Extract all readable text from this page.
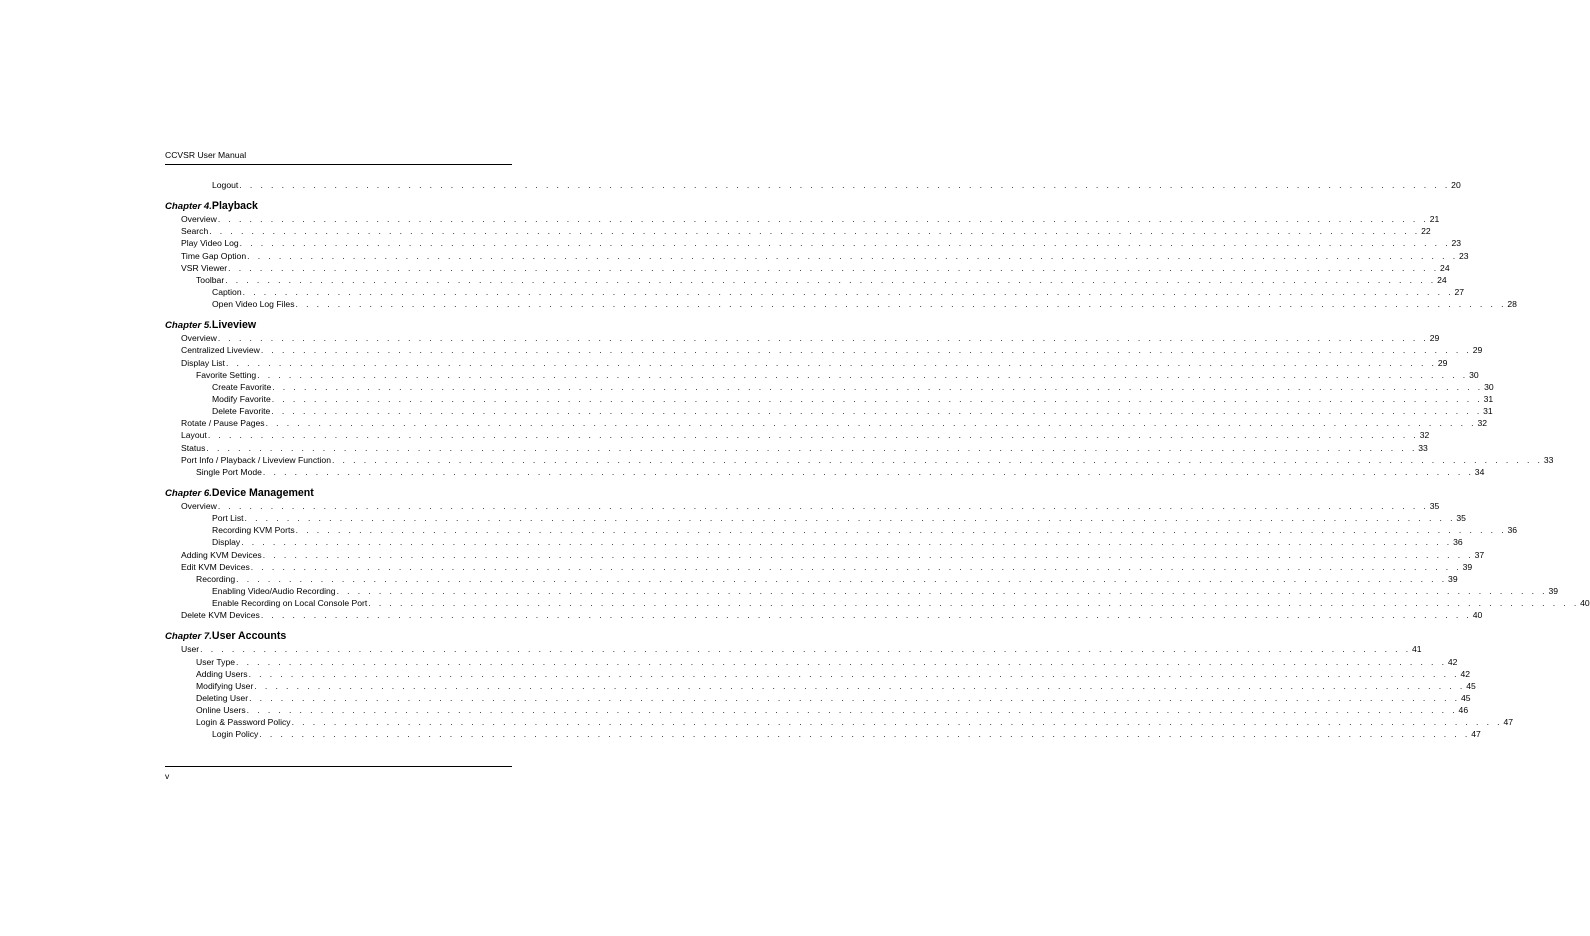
CCVSR User Manual
Logout . . . . . . . . . . . . . . . . . . . . . . . . . . . . . . . . . . . . . . . . . . . . . . . . . . . . . . . . . . . . . . . . . . . . . . . . . . . . . . . . . . . . . . . . . . . . . . . . . . . . . . . . . . . . . . . . . . . 20
Chapter 4. Playback
Overview . . . . . . . . . . . . . . . . . . . . . . . . . . . . . . . . . . . . . . . . . . . . . . . . . . . . . . . . . . . . . . . . . . . . . . . . . . . . . . . . . . . . . . . . . . . . . . . . . . . . . . . . . . . . . . . . . . . 21
Search . . . . . . . . . . . . . . . . . . . . . . . . . . . . . . . . . . . . . . . . . . . . . . . . . . . . . . . . . . . . . . . . . . . . . . . . . . . . . . . . . . . . . . . . . . . . . . . . . . . . . . . . . . . . . . . . . . . 22
Play Video Log . . . . . . . . . . . . . . . . . . . . . . . . . . . . . . . . . . . . . . . . . . . . . . . . . . . . . . . . . . . . . . . . . . . . . . . . . . . . . . . . . . . . . . . . . . . . . . . . . . . . . . . . . . . . . . . . . . . 23
Time Gap Option . . . . . . . . . . . . . . . . . . . . . . . . . . . . . . . . . . . . . . . . . . . . . . . . . . . . . . . . . . . . . . . . . . . . . . . . . . . . . . . . . . . . . . . . . . . . . . . . . . . . . . . . . . . . . . . . . . . 23
VSR Viewer . . . . . . . . . . . . . . . . . . . . . . . . . . . . . . . . . . . . . . . . . . . . . . . . . . . . . . . . . . . . . . . . . . . . . . . . . . . . . . . . . . . . . . . . . . . . . . . . . . . . . . . . . . . . . . . . . . . 24
Toolbar . . . . . . . . . . . . . . . . . . . . . . . . . . . . . . . . . . . . . . . . . . . . . . . . . . . . . . . . . . . . . . . . . . . . . . . . . . . . . . . . . . . . . . . . . . . . . . . . . . . . . . . . . . . . . . . . . . . 24
Caption . . . . . . . . . . . . . . . . . . . . . . . . . . . . . . . . . . . . . . . . . . . . . . . . . . . . . . . . . . . . . . . . . . . . . . . . . . . . . . . . . . . . . . . . . . . . . . . . . . . . . . . . . . . . . . . . . . . 27
Open Video Log Files . . . . . . . . . . . . . . . . . . . . . . . . . . . . . . . . . . . . . . . . . . . . . . . . . . . . . . . . . . . . . . . . . . . . . . . . . . . . . . . . . . . . . . . . . . . . . . . . . . . . . . . . . . . . . . . . . . . 28
Chapter 5. Liveview
Overview . . . . . . . . . . . . . . . . . . . . . . . . . . . . . . . . . . . . . . . . . . . . . . . . . . . . . . . . . . . . . . . . . . . . . . . . . . . . . . . . . . . . . . . . . . . . . . . . . . . . . . . . . . . . . . . . . . . 29
Centralized Liveview . . . . . . . . . . . . . . . . . . . . . . . . . . . . . . . . . . . . . . . . . . . . . . . . . . . . . . . . . . . . . . . . . . . . . . . . . . . . . . . . . . . . . . . . . . . . . . . . . . . . . . . . . . . . . . . . . . . 29
Display List . . . . . . . . . . . . . . . . . . . . . . . . . . . . . . . . . . . . . . . . . . . . . . . . . . . . . . . . . . . . . . . . . . . . . . . . . . . . . . . . . . . . . . . . . . . . . . . . . . . . . . . . . . . . . . . . . . . 29
Favorite Setting . . . . . . . . . . . . . . . . . . . . . . . . . . . . . . . . . . . . . . . . . . . . . . . . . . . . . . . . . . . . . . . . . . . . . . . . . . . . . . . . . . . . . . . . . . . . . . . . . . . . . . . . . . . . . . . . . . . 30
Create Favorite . . . . . . . . . . . . . . . . . . . . . . . . . . . . . . . . . . . . . . . . . . . . . . . . . . . . . . . . . . . . . . . . . . . . . . . . . . . . . . . . . . . . . . . . . . . . . . . . . . . . . . . . . . . . . . . . . . . 30
Modify Favorite . . . . . . . . . . . . . . . . . . . . . . . . . . . . . . . . . . . . . . . . . . . . . . . . . . . . . . . . . . . . . . . . . . . . . . . . . . . . . . . . . . . . . . . . . . . . . . . . . . . . . . . . . . . . . . . . . . . 31
Delete Favorite . . . . . . . . . . . . . . . . . . . . . . . . . . . . . . . . . . . . . . . . . . . . . . . . . . . . . . . . . . . . . . . . . . . . . . . . . . . . . . . . . . . . . . . . . . . . . . . . . . . . . . . . . . . . . . . . . . . 31
Rotate / Pause Pages . . . . . . . . . . . . . . . . . . . . . . . . . . . . . . . . . . . . . . . . . . . . . . . . . . . . . . . . . . . . . . . . . . . . . . . . . . . . . . . . . . . . . . . . . . . . . . . . . . . . . . . . . . . . . . . . . . . 32
Layout . . . . . . . . . . . . . . . . . . . . . . . . . . . . . . . . . . . . . . . . . . . . . . . . . . . . . . . . . . . . . . . . . . . . . . . . . . . . . . . . . . . . . . . . . . . . . . . . . . . . . . . . . . . . . . . . . . . 32
Status . . . . . . . . . . . . . . . . . . . . . . . . . . . . . . . . . . . . . . . . . . . . . . . . . . . . . . . . . . . . . . . . . . . . . . . . . . . . . . . . . . . . . . . . . . . . . . . . . . . . . . . . . . . . . . . . . . . 33
Port Info / Playback / Liveview Function . . . . . . . . . . . . . . . . . . . . . . . . . . . . . . . . . . . . . . . . . . . . . . . . . . . . . . . . . . . . . . . . . . . . . . . . . . . . . . . . . . . . . . . . . . . . . . . . . . . . . . . . . . . . . . . . . . . 33
Single Port Mode . . . . . . . . . . . . . . . . . . . . . . . . . . . . . . . . . . . . . . . . . . . . . . . . . . . . . . . . . . . . . . . . . . . . . . . . . . . . . . . . . . . . . . . . . . . . . . . . . . . . . . . . . . . . . . . . . . . 34
Chapter 6. Device Management
Overview . . . . . . . . . . . . . . . . . . . . . . . . . . . . . . . . . . . . . . . . . . . . . . . . . . . . . . . . . . . . . . . . . . . . . . . . . . . . . . . . . . . . . . . . . . . . . . . . . . . . . . . . . . . . . . . . . . . 35
Port List . . . . . . . . . . . . . . . . . . . . . . . . . . . . . . . . . . . . . . . . . . . . . . . . . . . . . . . . . . . . . . . . . . . . . . . . . . . . . . . . . . . . . . . . . . . . . . . . . . . . . . . . . . . . . . . . . . . 35
Recording KVM Ports . . . . . . . . . . . . . . . . . . . . . . . . . . . . . . . . . . . . . . . . . . . . . . . . . . . . . . . . . . . . . . . . . . . . . . . . . . . . . . . . . . . . . . . . . . . . . . . . . . . . . . . . . . . . . . . . . . . 36
Display . . . . . . . . . . . . . . . . . . . . . . . . . . . . . . . . . . . . . . . . . . . . . . . . . . . . . . . . . . . . . . . . . . . . . . . . . . . . . . . . . . . . . . . . . . . . . . . . . . . . . . . . . . . . . . . . . . . 36
Adding KVM Devices . . . . . . . . . . . . . . . . . . . . . . . . . . . . . . . . . . . . . . . . . . . . . . . . . . . . . . . . . . . . . . . . . . . . . . . . . . . . . . . . . . . . . . . . . . . . . . . . . . . . . . . . . . . . . . . . . . . 37
Edit KVM Devices . . . . . . . . . . . . . . . . . . . . . . . . . . . . . . . . . . . . . . . . . . . . . . . . . . . . . . . . . . . . . . . . . . . . . . . . . . . . . . . . . . . . . . . . . . . . . . . . . . . . . . . . . . . . . . . . . . . 39
Recording . . . . . . . . . . . . . . . . . . . . . . . . . . . . . . . . . . . . . . . . . . . . . . . . . . . . . . . . . . . . . . . . . . . . . . . . . . . . . . . . . . . . . . . . . . . . . . . . . . . . . . . . . . . . . . . . . . . 39
Enabling Video/Audio Recording . . . . . . . . . . . . . . . . . . . . . . . . . . . . . . . . . . . . . . . . . . . . . . . . . . . . . . . . . . . . . . . . . . . . . . . . . . . . . . . . . . . . . . . . . . . . . . . . . . . . . . . . . . . . . . . . . . . 39
Enable Recording on Local Console Port . . . . . . . . . . . . . . . . . . . . . . . . . . . . . . . . . . . . . . . . . . . . . . . . . . . . . . . . . . . . . . . . . . . . . . . . . . . . . . . . . . . . . . . . . . . . . . . . . . . . . . . . . . . . . . . . . . . 40
Delete KVM Devices . . . . . . . . . . . . . . . . . . . . . . . . . . . . . . . . . . . . . . . . . . . . . . . . . . . . . . . . . . . . . . . . . . . . . . . . . . . . . . . . . . . . . . . . . . . . . . . . . . . . . . . . . . . . . . . . . . . 40
Chapter 7. User Accounts
User . . . . . . . . . . . . . . . . . . . . . . . . . . . . . . . . . . . . . . . . . . . . . . . . . . . . . . . . . . . . . . . . . . . . . . . . . . . . . . . . . . . . . . . . . . . . . . . . . . . . . . . . . . . . . . . . . . . 41
User Type . . . . . . . . . . . . . . . . . . . . . . . . . . . . . . . . . . . . . . . . . . . . . . . . . . . . . . . . . . . . . . . . . . . . . . . . . . . . . . . . . . . . . . . . . . . . . . . . . . . . . . . . . . . . . . . . . . . 42
Adding Users . . . . . . . . . . . . . . . . . . . . . . . . . . . . . . . . . . . . . . . . . . . . . . . . . . . . . . . . . . . . . . . . . . . . . . . . . . . . . . . . . . . . . . . . . . . . . . . . . . . . . . . . . . . . . . . . . . . 42
Modifying User . . . . . . . . . . . . . . . . . . . . . . . . . . . . . . . . . . . . . . . . . . . . . . . . . . . . . . . . . . . . . . . . . . . . . . . . . . . . . . . . . . . . . . . . . . . . . . . . . . . . . . . . . . . . . . . . . . . 45
Deleting User . . . . . . . . . . . . . . . . . . . . . . . . . . . . . . . . . . . . . . . . . . . . . . . . . . . . . . . . . . . . . . . . . . . . . . . . . . . . . . . . . . . . . . . . . . . . . . . . . . . . . . . . . . . . . . . . . . . 45
Online Users . . . . . . . . . . . . . . . . . . . . . . . . . . . . . . . . . . . . . . . . . . . . . . . . . . . . . . . . . . . . . . . . . . . . . . . . . . . . . . . . . . . . . . . . . . . . . . . . . . . . . . . . . . . . . . . . . . . 46
Login & Password Policy . . . . . . . . . . . . . . . . . . . . . . . . . . . . . . . . . . . . . . . . . . . . . . . . . . . . . . . . . . . . . . . . . . . . . . . . . . . . . . . . . . . . . . . . . . . . . . . . . . . . . . . . . . . . . . . . . . . 47
Login Policy . . . . . . . . . . . . . . . . . . . . . . . . . . . . . . . . . . . . . . . . . . . . . . . . . . . . . . . . . . . . . . . . . . . . . . . . . . . . . . . . . . . . . . . . . . . . . . . . . . . . . . . . . . . . . . . . . . . 47
v
